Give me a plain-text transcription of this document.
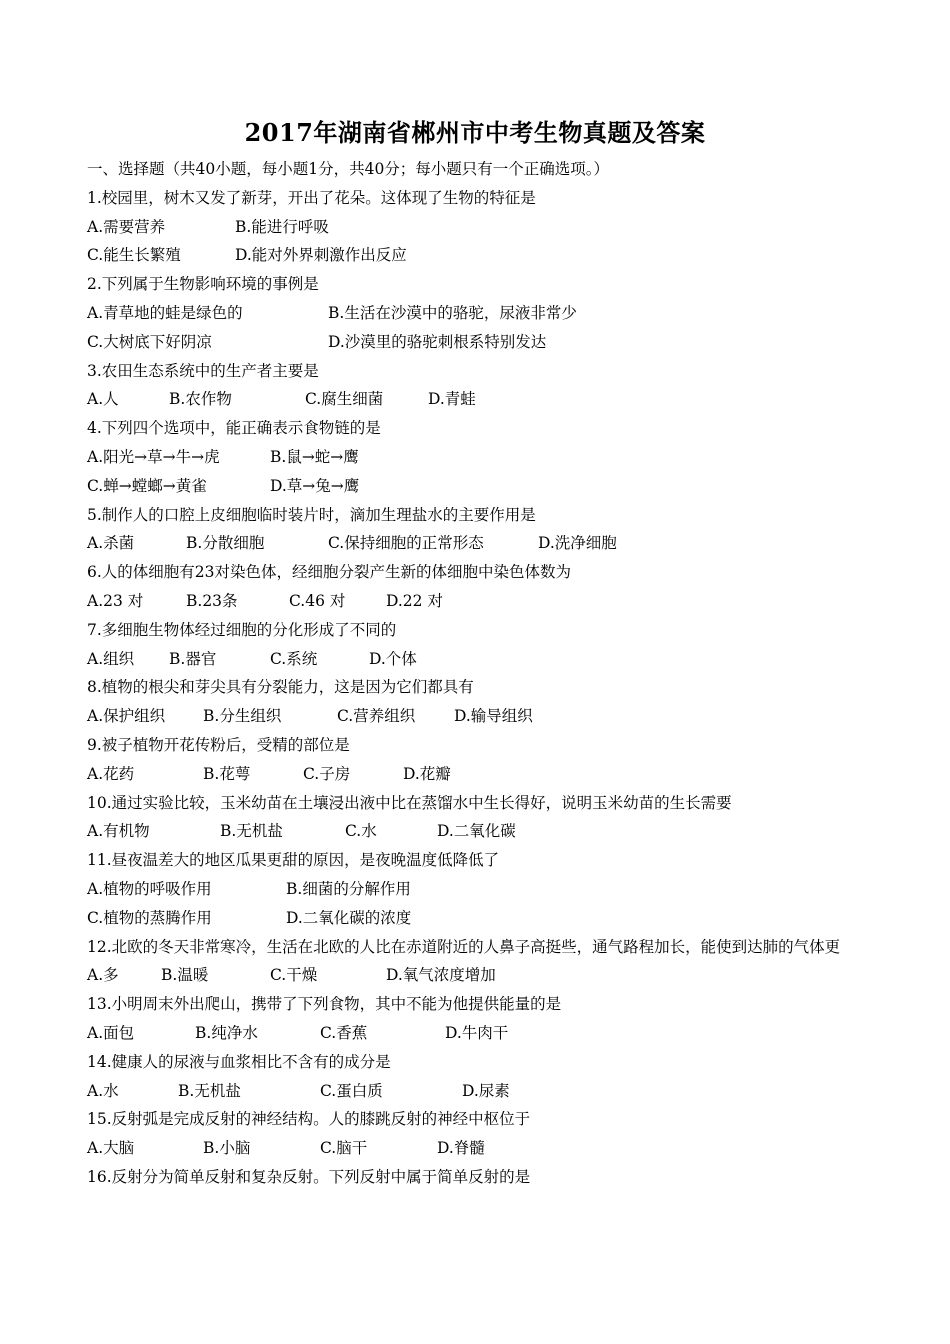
2017年湖南省郴州市中考生物真题及答案
一、选择题（共40小题，每小题1分，共40分；每小题只有一个正确选项。）
1.校园里，树木又发了新芽，开出了花朵。这体现了生物的特征是
A.需要营养	B.能进行呼吸
C.能生长繁殖	D.能对外界刺激作出反应
2.下列属于生物影响环境的事例是
A.青草地的蛙是绿色的	B.生活在沙漠中的骆驼，尿液非常少
C.大树底下好阴凉	D.沙漠里的骆驼刺根系特别发达
3.农田生态系统中的生产者主要是
A.人	B.农作物	C.腐生细菌	D.青蛙
4.下列四个选项中，能正确表示食物链的是
A.阳光→草→牛→虎	B.鼠→蛇→鹰
C.蝉→螳螂→黄雀	D.草→兔→鹰
5.制作人的口腔上皮细胞临时装片时，滴加生理盐水的主要作用是
A.杀菌	B.分散细胞	C.保持细胞的正常形态	D.洗净细胞
6.人的体细胞有23对染色体，经细胞分裂产生新的体细胞中染色体数为
A.23 对	B.23条	C.46 对	D.22 对
7.多细胞生物体经过细胞的分化形成了不同的
A.组织 B.器官	C.系统	D.个体
8.植物的根尖和芽尖具有分裂能力，这是因为它们都具有
A.保护组织 B.分生组织	C.营养组织	D.输导组织
9.被子植物开花传粉后，受精的部位是
A.花药	B.花萼	C.子房	D.花瓣
10.通过实验比较，玉米幼苗在土壤浸出液中比在蒸馏水中生长得好，说明玉米幼苗的生长需要
A.有机物	B.无机盐	C.水	D.二氧化碳
11.昼夜温差大的地区瓜果更甜的原因，是夜晚温度低降低了
A.植物的呼吸作用	B.细菌的分解作用
C.植物的蒸腾作用	D.二氧化碳的浓度
12.北欧的冬天非常寒冷，生活在北欧的人比在赤道附近的人鼻子高挺些，通气路程加长，能使到达肺的气体更
A.多	B.温暖	C.干燥	D.氧气浓度增加
13.小明周末外出爬山，携带了下列食物，其中不能为他提供能量的是
A.面包	B.纯净水	C.香蕉	D.牛肉干
14.健康人的尿液与血浆相比不含有的成分是
A.水	B.无机盐	C.蛋白质	D.尿素
15.反射弧是完成反射的神经结构。人的膝跳反射的神经中枢位于
A.大脑	B.小脑	C.脑干	D.脊髓
16.反射分为简单反射和复杂反射。下列反射中属于简单反射的是
